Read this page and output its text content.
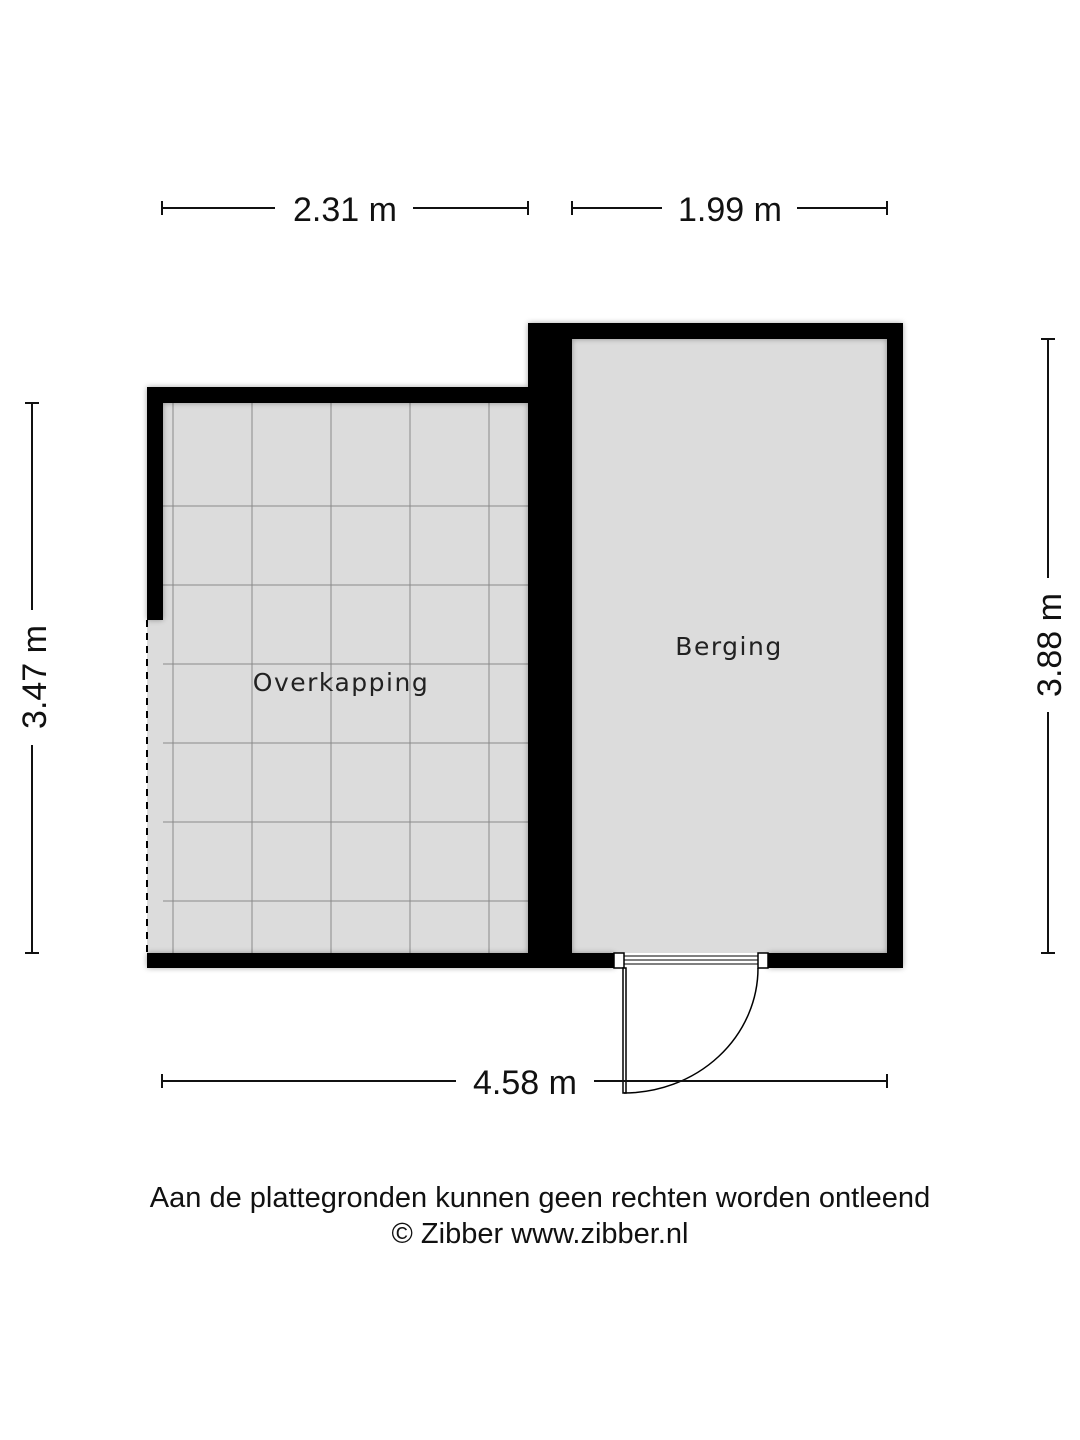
2.31 m	1.99 m
4.58 m
3.47 m	3.88 m
Overkapping
Berging
Aan de plattegronden kunnen geen rechten worden ontleend
© Zibber www.zibber.nl
